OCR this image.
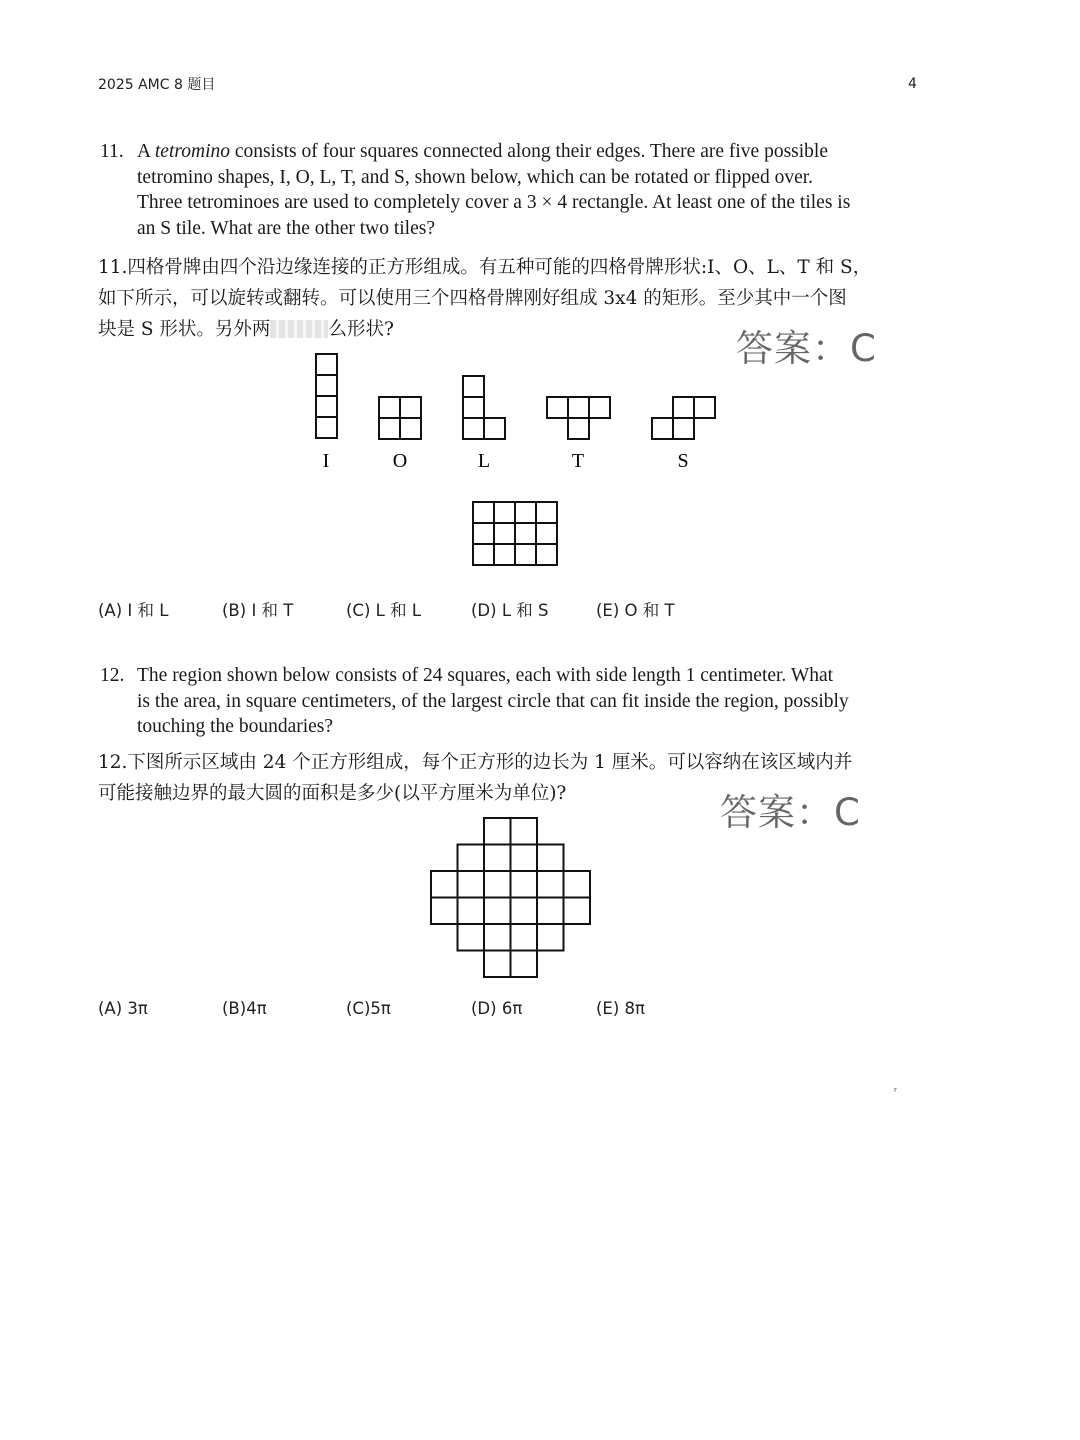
2025 AMC 8 题目	4
11. A tetromino consists of four squares connected along their edges. There are five possible
tetromino shapes, I, O, L, T, and S, shown below, which can be rotated or flipped over.
Three tetrominoes are used to completely cover a 3 × 4 rectangle. At least one of the tiles is
an S tile. What are the other two tiles?
11.四格骨牌由四个沿边缘连接的正方形组成。有五种可能的四格骨牌形状:I、O、L、T 和 S，
如下所示，可以旋转或翻转。可以使用三个四格骨牌刚好组成 3x4 的矩形。至少其中一个图
块是 S 形状。另外两	么形状?	答案：C
I	O	L	T	S
(A) I 和 L	(B) I 和 T	(C) L 和 L	(D) L 和 S	(E) O 和 T
12. The region shown below consists of 24 squares, each with side length 1 centimeter. What
is the area, in square centimeters, of the largest circle that can fit inside the region, possibly
touching the boundaries?
12.下图所示区域由 24 个正方形组成，每个正方形的边长为 1 厘米。可以容纳在该区域内并
可能接触边界的最大圆的面积是多少(以平方厘米为单位)?	答案：C
(A) 3π	(B)4π	(C)5π	(D) 6π	(E) 8π
ʳ
